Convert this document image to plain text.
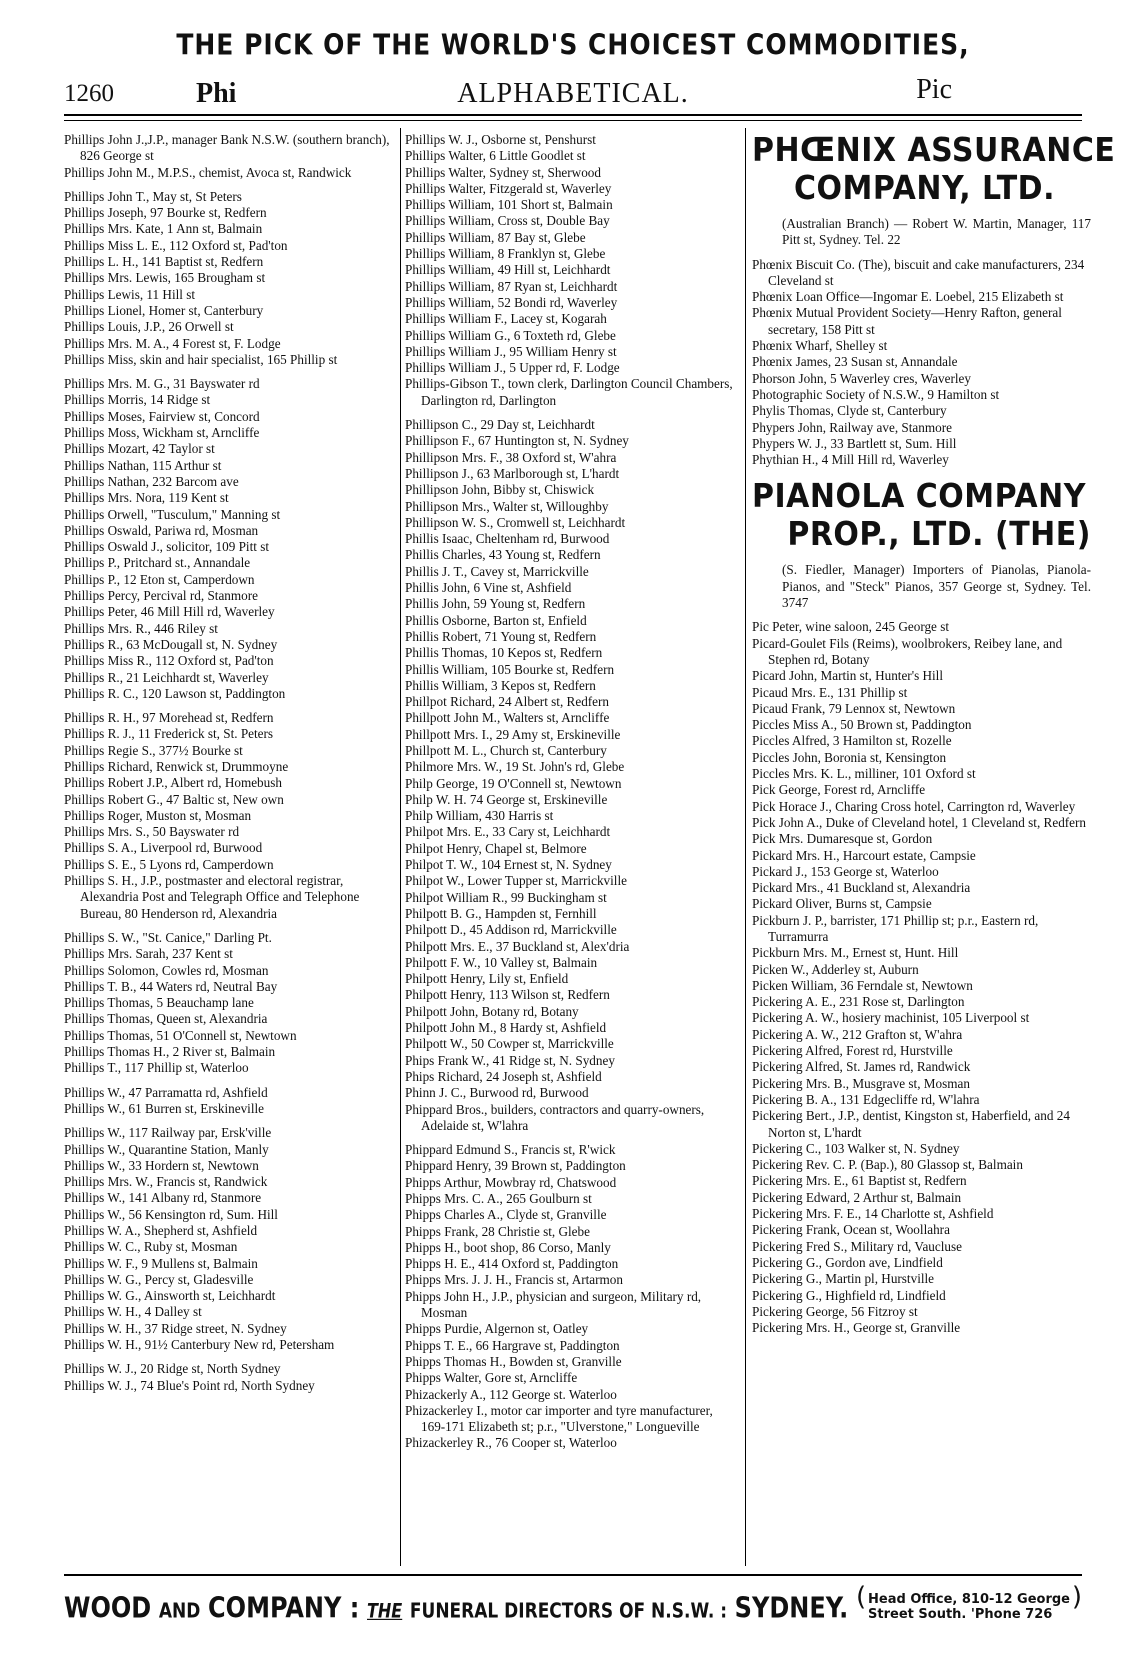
THE PICK OF THE WORLD'S CHOICEST COMMODITIES,
1260	Phi	ALPHABETICAL.	Pic
Phillips John J.,J.P., manager Bank N.S.W. (southern branch), 826 George st
Phillips John M., M.P.S., chemist, Avoca st, Randwick
Phillips John T., May st, St Peters
Phillips Joseph, 97 Bourke st, Redfern
Phillips Mrs. Kate, 1 Ann st, Balmain
Phillips Miss L. E., 112 Oxford st, Pad'ton
Phillips L. H., 141 Baptist st, Redfern
Phillips Mrs. Lewis, 165 Brougham st
Phillips Lewis, 11 Hill st
Phillips Lionel, Homer st, Canterbury
Phillips Louis, J.P., 26 Orwell st
Phillips Mrs. M. A., 4 Forest st, F. Lodge
Phillips Miss, skin and hair specialist, 165 Phillip st
Phillips Mrs. M. G., 31 Bayswater rd
Phillips Morris, 14 Ridge st
Phillips Moses, Fairview st, Concord
Phillips Moss, Wickham st, Arncliffe
Phillips Mozart, 42 Taylor st
Phillips Nathan, 115 Arthur st
Phillips Nathan, 232 Barcom ave
Phillips Mrs. Nora, 119 Kent st
Phillips Orwell, "Tusculum," Manning st
Phillips Oswald, Pariwa rd, Mosman
Phillips Oswald J., solicitor, 109 Pitt st
Phillips P., Pritchard st., Annandale
Phillips P., 12 Eton st, Camperdown
Phillips Percy, Percival rd, Stanmore
Phillips Peter, 46 Mill Hill rd, Waverley
Phillips Mrs. R., 446 Riley st
Phillips R., 63 McDougall st, N. Sydney
Phillips Miss R., 112 Oxford st, Pad'ton
Phillips R., 21 Leichhardt st, Waverley
Phillips R. C., 120 Lawson st, Paddington
Phillips R. H., 97 Morehead st, Redfern
Phillips R. J., 11 Frederick st, St. Peters
Phillips Regie S., 377½ Bourke st
Phillips Richard, Renwick st, Drummoyne
Phillips Robert J.P., Albert rd, Homebush
Phillips Robert G., 47 Baltic st, New own
Phillips Roger, Muston st, Mosman
Phillips Mrs. S., 50 Bayswater rd
Phillips S. A., Liverpool rd, Burwood
Phillips S. E., 5 Lyons rd, Camperdown
Phillips S. H., J.P., postmaster and electoral registrar, Alexandria Post and Telegraph Office and Telephone Bureau, 80 Henderson rd, Alexandria
Phillips S. W., "St. Canice," Darling Pt.
Phillips Mrs. Sarah, 237 Kent st
Phillips Solomon, Cowles rd, Mosman
Phillips T. B., 44 Waters rd, Neutral Bay
Phillips Thomas, 5 Beauchamp lane
Phillips Thomas, Queen st, Alexandria
Phillips Thomas, 51 O'Connell st, Newtown
Phillips Thomas H., 2 River st, Balmain
Phillips T., 117 Phillip st, Waterloo
Phillips W., 47 Parramatta rd, Ashfield
Phillips W., 61 Burren st, Erskineville
Phillips W., 117 Railway par, Ersk'ville
Phillips W., Quarantine Station, Manly
Phillips W., 33 Hordern st, Newtown
Phillips Mrs. W., Francis st, Randwick
Phillips W., 141 Albany rd, Stanmore
Phillips W., 56 Kensington rd, Sum. Hill
Phillips W. A., Shepherd st, Ashfield
Phillips W. C., Ruby st, Mosman
Phillips W. F., 9 Mullens st, Balmain
Phillips W. G., Percy st, Gladesville
Phillips W. G., Ainsworth st, Leichhardt
Phillips W. H., 4 Dalley st
Phillips W. H., 37 Ridge street, N. Sydney
Phillips W. H., 91½ Canterbury New rd, Petersham
Phillips W. J., 20 Ridge st, North Sydney
Phillips W. J., 74 Blue's Point rd, North Sydney
Phillips W. J., Osborne st, Penshurst
Phillips Walter, 6 Little Goodlet st
Phillips Walter, Sydney st, Sherwood
Phillips Walter, Fitzgerald st, Waverley
Phillips William, 101 Short st, Balmain
Phillips William, Cross st, Double Bay
Phillips William, 87 Bay st, Glebe
Phillips William, 8 Franklyn st, Glebe
Phillips William, 49 Hill st, Leichhardt
Phillips William, 87 Ryan st, Leichhardt
Phillips William, 52 Bondi rd, Waverley
Phillips William F., Lacey st, Kogarah
Phillips William G., 6 Toxteth rd, Glebe
Phillips William J., 95 William Henry st
Phillips William J., 5 Upper rd, F. Lodge
Phillips-Gibson T., town clerk, Darlington Council Chambers, Darlington rd, Darlington
Phillipson C., 29 Day st, Leichhardt
Phillipson F., 67 Huntington st, N. Sydney
Phillipson Mrs. F., 38 Oxford st, W'ahra
Phillipson J., 63 Marlborough st, L'hardt
Phillipson John, Bibby st, Chiswick
Phillipson Mrs., Walter st, Willoughby
Phillipson W. S., Cromwell st, Leichhardt
Phillis Isaac, Cheltenham rd, Burwood
Phillis Charles, 43 Young st, Redfern
Phillis J. T., Cavey st, Marrickville
Phillis John, 6 Vine st, Ashfield
Phillis John, 59 Young st, Redfern
Phillis Osborne, Barton st, Enfield
Phillis Robert, 71 Young st, Redfern
Phillis Thomas, 10 Kepos st, Redfern
Phillis William, 105 Bourke st, Redfern
Phillis William, 3 Kepos st, Redfern
Phillpot Richard, 24 Albert st, Redfern
Phillpott John M., Walters st, Arncliffe
Phillpott Mrs. I., 29 Amy st, Erskineville
Phillpott M. L., Church st, Canterbury
Philmore Mrs. W., 19 St. John's rd, Glebe
Philp George, 19 O'Connell st, Newtown
Philp W. H. 74 George st, Erskineville
Philp William, 430 Harris st
Philpot Mrs. E., 33 Cary st, Leichhardt
Philpot Henry, Chapel st, Belmore
Philpot T. W., 104 Ernest st, N. Sydney
Philpot W., Lower Tupper st, Marrickville
Philpot William R., 99 Buckingham st
Philpott B. G., Hampden st, Fernhill
Philpott D., 45 Addison rd, Marrickville
Philpott Mrs. E., 37 Buckland st, Alex'dria
Philpott F. W., 10 Valley st, Balmain
Philpott Henry, Lily st, Enfield
Philpott Henry, 113 Wilson st, Redfern
Philpott John, Botany rd, Botany
Philpott John M., 8 Hardy st, Ashfield
Philpott W., 50 Cowper st, Marrickville
Phips Frank W., 41 Ridge st, N. Sydney
Phips Richard, 24 Joseph st, Ashfield
Phinn J. C., Burwood rd, Burwood
Phippard Bros., builders, contractors and quarry-owners, Adelaide st, W'lahra
Phippard Edmund S., Francis st, R'wick
Phippard Henry, 39 Brown st, Paddington
Phipps Arthur, Mowbray rd, Chatswood
Phipps Mrs. C. A., 265 Goulburn st
Phipps Charles A., Clyde st, Granville
Phipps Frank, 28 Christie st, Glebe
Phipps H., boot shop, 86 Corso, Manly
Phipps H. E., 414 Oxford st, Paddington
Phipps Mrs. J. J. H., Francis st, Artarmon
Phipps John H., J.P., physician and surgeon, Military rd, Mosman
Phipps Purdie, Algernon st, Oatley
Phipps T. E., 66 Hargrave st, Paddington
Phipps Thomas H., Bowden st, Granville
Phipps Walter, Gore st, Arncliffe
Phizackerly A., 112 George st. Waterloo
Phizackerley I., motor car importer and tyre manufacturer, 169-171 Elizabeth st; p.r., "Ulverstone," Longueville
Phizackerley R., 76 Cooper st, Waterloo
PHŒNIX ASSURANCE
COMPANY, LTD.
(Australian Branch) — Robert W. Martin, Manager, 117 Pitt st, Sydney. Tel. 22
Phœnix Biscuit Co. (The), biscuit and cake manufacturers, 234 Cleveland st
Phœnix Loan Office—Ingomar E. Loebel, 215 Elizabeth st
Phœnix Mutual Provident Society—Henry Rafton, general secretary, 158 Pitt st
Phœnix Wharf, Shelley st
Phœnix James, 23 Susan st, Annandale
Phorson John, 5 Waverley cres, Waverley
Photographic Society of N.S.W., 9 Hamilton st
Phylis Thomas, Clyde st, Canterbury
Phypers John, Railway ave, Stanmore
Phypers W. J., 33 Bartlett st, Sum. Hill
Phythian H., 4 Mill Hill rd, Waverley
PIANOLA COMPANY
PROP., LTD. (THE)
(S. Fiedler, Manager) Importers of Pianolas, Pianola-Pianos, and "Steck" Pianos, 357 George st, Sydney. Tel. 3747
Pic Peter, wine saloon, 245 George st
Picard-Goulet Fils (Reims), woolbrokers, Reibey lane, and Stephen rd, Botany
Picard John, Martin st, Hunter's Hill
Picaud Mrs. E., 131 Phillip st
Picaud Frank, 79 Lennox st, Newtown
Piccles Miss A., 50 Brown st, Paddington
Piccles Alfred, 3 Hamilton st, Rozelle
Piccles John, Boronia st, Kensington
Piccles Mrs. K. L., milliner, 101 Oxford st
Pick George, Forest rd, Arncliffe
Pick Horace J., Charing Cross hotel, Carrington rd, Waverley
Pick John A., Duke of Cleveland hotel, 1 Cleveland st, Redfern
Pick Mrs. Dumaresque st, Gordon
Pickard Mrs. H., Harcourt estate, Campsie
Pickard J., 153 George st, Waterloo
Pickard Mrs., 41 Buckland st, Alexandria
Pickard Oliver, Burns st, Campsie
Pickburn J. P., barrister, 171 Phillip st; p.r., Eastern rd, Turramurra
Pickburn Mrs. M., Ernest st, Hunt. Hill
Picken W., Adderley st, Auburn
Picken William, 36 Ferndale st, Newtown
Pickering A. E., 231 Rose st, Darlington
Pickering A. W., hosiery machinist, 105 Liverpool st
Pickering A. W., 212 Grafton st, W'ahra
Pickering Alfred, Forest rd, Hurstville
Pickering Alfred, St. James rd, Randwick
Pickering Mrs. B., Musgrave st, Mosman
Pickering B. A., 131 Edgecliffe rd, W'lahra
Pickering Bert., J.P., dentist, Kingston st, Haberfield, and 24 Norton st, L'hardt
Pickering C., 103 Walker st, N. Sydney
Pickering Rev. C. P. (Bap.), 80 Glassop st, Balmain
Pickering Mrs. E., 61 Baptist st, Redfern
Pickering Edward, 2 Arthur st, Balmain
Pickering Mrs. F. E., 14 Charlotte st, Ashfield
Pickering Frank, Ocean st, Woollahra
Pickering Fred S., Military rd, Vaucluse
Pickering G., Gordon ave, Lindfield
Pickering G., Martin pl, Hurstville
Pickering G., Highfield rd, Lindfield
Pickering George, 56 Fitzroy st
Pickering Mrs. H., George st, Granville
WOOD AND COMPANY : THE FUNERAL DIRECTORS OF N.S.W. : SYDNEY.
( Head Office, 810-12 George
Street South. 'Phone 726
)
